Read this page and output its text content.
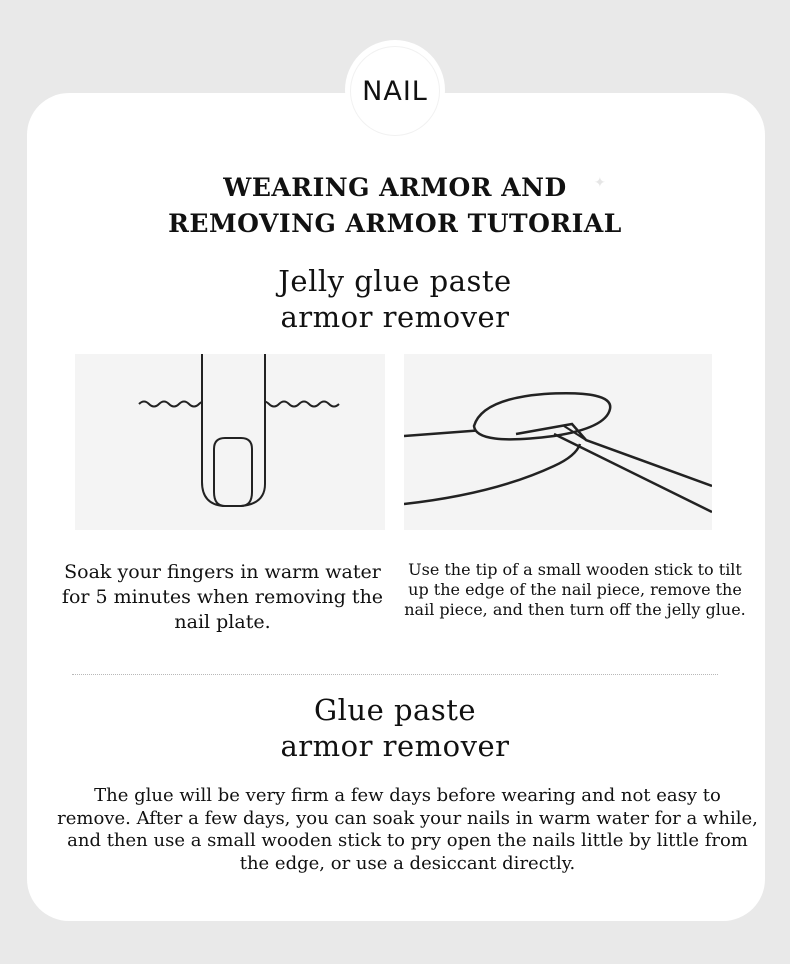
NAIL
WEARING ARMOR AND
REMOVING ARMOR TUTORIAL
✦
Jelly glue paste
armor remover
Soak your fingers in warm water for 5 minutes when removing the nail plate.
Use the tip of a small wooden stick to tilt up the edge of the nail piece, remove the nail piece, and then turn off the jelly glue.
Glue paste
armor remover
The glue will be very firm a few days before wearing and not easy to remove. After a few days, you can soak your nails in warm water for a while, and then use a small wooden stick to pry open the nails little by little from the edge, or use a desiccant directly.
